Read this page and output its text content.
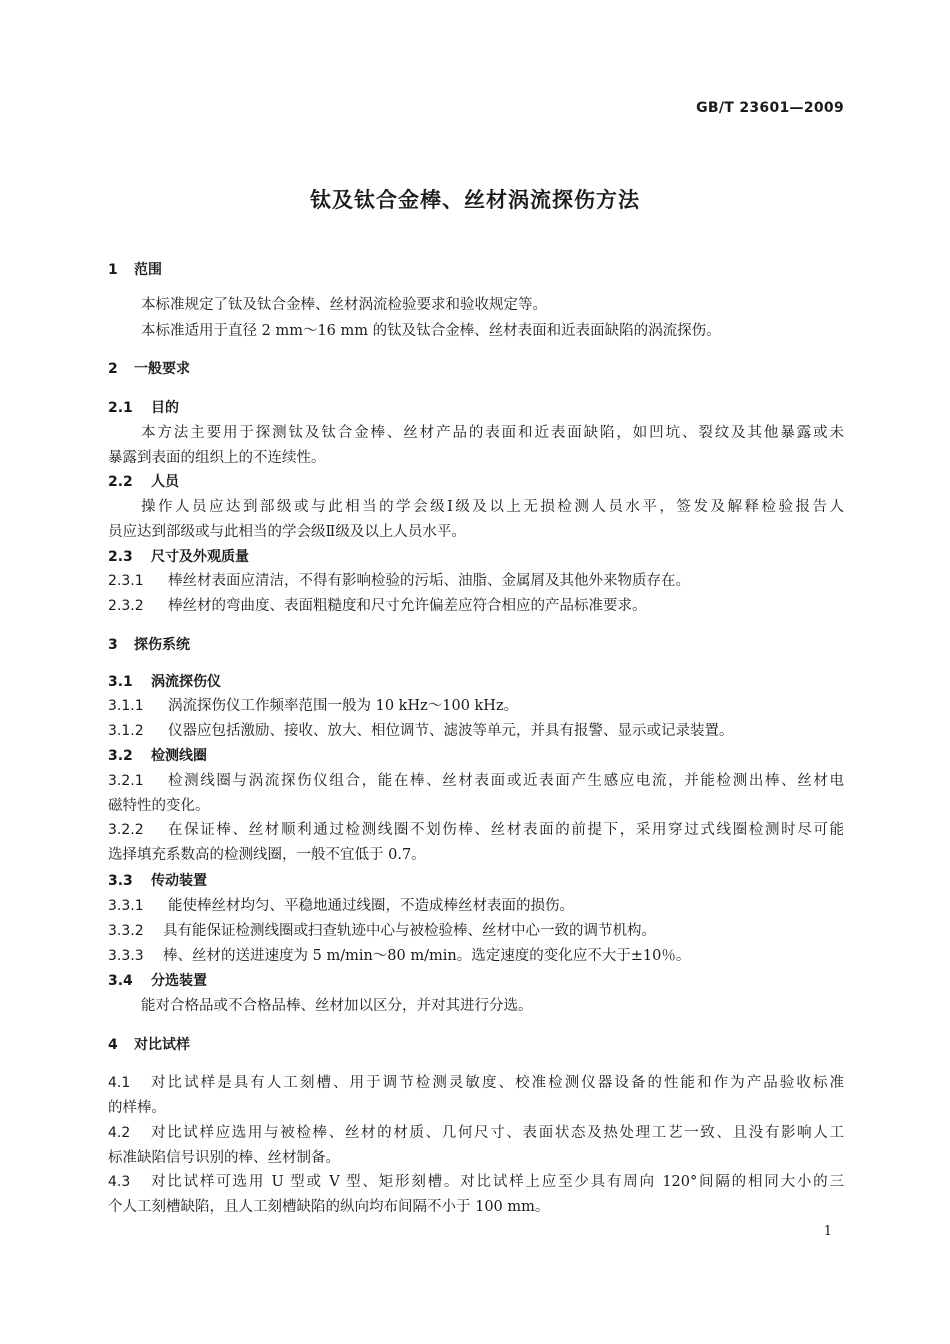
GB/T 23601—2009
钛及钛合金棒、丝材涡流探伤方法
1 范围
本标准规定了钛及钛合金棒、丝材涡流检验要求和验收规定等。
本标准适用于直径 2 mm～16 mm 的钛及钛合金棒、丝材表面和近表面缺陷的涡流探伤。
2 一般要求
2.1 目的
本方法主要用于探测钛及钛合金棒、丝材产品的表面和近表面缺陷，如凹坑、裂纹及其他暴露或未
暴露到表面的组织上的不连续性。
2.2 人员
操作人员应达到部级或与此相当的学会级Ⅰ级及以上无损检测人员水平，签发及解释检验报告人
员应达到部级或与此相当的学会级Ⅱ级及以上人员水平。
2.3 尺寸及外观质量
2.3.1 棒丝材表面应清洁，不得有影响检验的污垢、油脂、金属屑及其他外来物质存在。
2.3.2 棒丝材的弯曲度、表面粗糙度和尺寸允许偏差应符合相应的产品标准要求。
3 探伤系统
3.1 涡流探伤仪
3.1.1 涡流探伤仪工作频率范围一般为 10 kHz～100 kHz。
3.1.2 仪器应包括激励、接收、放大、相位调节、滤波等单元，并具有报警、显示或记录装置。
3.2 检测线圈
3.2.1	检测线圈与涡流探伤仪组合，能在棒、丝材表面或近表面产生感应电流，并能检测出棒、丝材电
磁特性的变化。
3.2.2	在保证棒、丝材顺利通过检测线圈不划伤棒、丝材表面的前提下，采用穿过式线圈检测时尽可能
选择填充系数高的检测线圈，一般不宜低于 0.7。
3.3 传动装置
3.3.1 能使棒丝材均匀、平稳地通过线圈，不造成棒丝材表面的损伤。
3.3.2 具有能保证检测线圈或扫查轨迹中心与被检验棒、丝材中心一致的调节机构。
3.3.3 棒、丝材的送进速度为 5 m/min～80 m/min。选定速度的变化应不大于±10％。
3.4 分选装置
能对合格品或不合格品棒、丝材加以区分，并对其进行分选。
4 对比试样
4.1	对比试样是具有人工刻槽、用于调节检测灵敏度、校准检测仪器设备的性能和作为产品验收标准
的样棒。
4.2	对比试样应选用与被检棒、丝材的材质、几何尺寸、表面状态及热处理工艺一致、且没有影响人工
标准缺陷信号识别的棒、丝材制备。
4.3	对比试样可选用 U 型或 V 型、矩形刻槽。对比试样上应至少具有周向 120°间隔的相同大小的三
个人工刻槽缺陷，且人工刻槽缺陷的纵向均布间隔不小于 100 mm。
1
